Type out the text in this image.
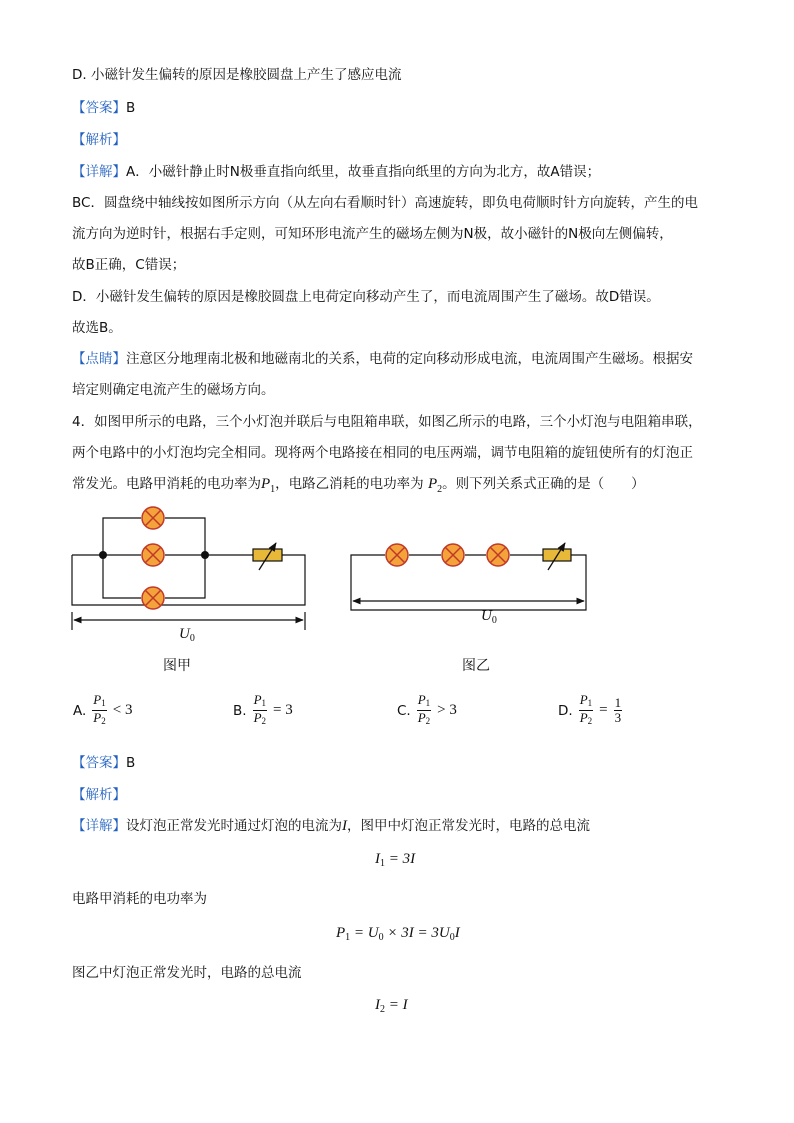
D. 小磁针发生偏转的原因是橡胶圆盘上产生了感应电流
【答案】B
【解析】
【详解】A．小磁针静止时N极垂直指向纸里，故垂直指向纸里的方向为北方，故A错误；
BC．圆盘绕中轴线按如图所示方向（从左向右看顺时针）高速旋转，即负电荷顺时针方向旋转，产生的电
流方向为逆时针，根据右手定则，可知环形电流产生的磁场左侧为N极，故小磁针的N极向左侧偏转，
故B正确，C错误；
D．小磁针发生偏转的原因是橡胶圆盘上电荷定向移动产生了，而电流周围产生了磁场。故D错误。
故选B。
【点睛】注意区分地理南北极和地磁南北的关系，电荷的定向移动形成电流，电流周围产生磁场。根据安
培定则确定电流产生的磁场方向。
4．如图甲所示的电路，三个小灯泡并联后与电阻箱串联，如图乙所示的电路，三个小灯泡与电阻箱串联，
两个电路中的小灯泡均完全相同。现将两个电路接在相同的电压两端，调节电阻箱的旋钮使所有的灯泡正
常发光。电路甲消耗的电功率为$P_1$，电路乙消耗的电功率为 $P_2$。则下列关系式正确的是（　　）
$U_0$
$U_0$
图甲	图乙
A. $\frac{P_1}{P_2} < 3$	B. $\frac{P_1}{P_2} = 3$	C. $\frac{P_1}{P_2} > 3$	D. $\frac{P_1}{P_2} = \frac{1}{3}$
【答案】B
【解析】
【详解】设灯泡正常发光时通过灯泡的电流为I，图甲中灯泡正常发光时，电路的总电流
$I_1 = 3I$
电路甲消耗的电功率为
$P_1 = U_0 \times 3I = 3U_0I$
图乙中灯泡正常发光时，电路的总电流
$I_2 = I$
